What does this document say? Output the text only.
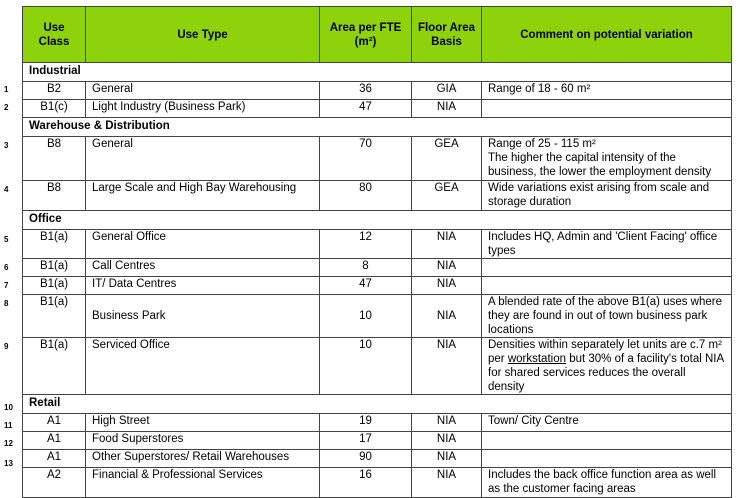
1
2
3
4
5
6
7
8
9
10
11
12
13
Use Class	Use Type	Area per FTE (m²)	Floor Area Basis	Comment on potential variation
Industrial				
B2	General	36	GIA	Range of 18 - 60 m²
B1(c)	Light Industry (Business Park)	47	NIA	
Warehouse & Distribution				
B8	General	70	GEA	Range of 25 - 115 m²
The higher the capital intensity of the business, the lower the employment density

B8	Large Scale and High Bay Warehousing	80	GEA	Wide variations exist arising from scale and storage duration
Office				
B1(a)	General Office	12	NIA	Includes HQ, Admin and 'Client Facing' office types
B1(a)	Call Centres	8	NIA	
B1(a)	IT/ Data Centres	47	NIA	
B1(a)	Business Park	10	NIA	A blended rate of the above B1(a) uses where they are found in out of town business park locations
B1(a)	Serviced Office	10	NIA	Densities within separately let units are c.7 m² per workstation but 30% of a facility's total NIA for shared services reduces the overall density
Retail				
A1	High Street	19	NIA	Town/ City Centre
A1	Food Superstores	17	NIA	
A1	Other Superstores/ Retail Warehouses	90	NIA	
A2	Financial & Professional Services	16	NIA	Includes the back office function area as well as the customer facing areas
